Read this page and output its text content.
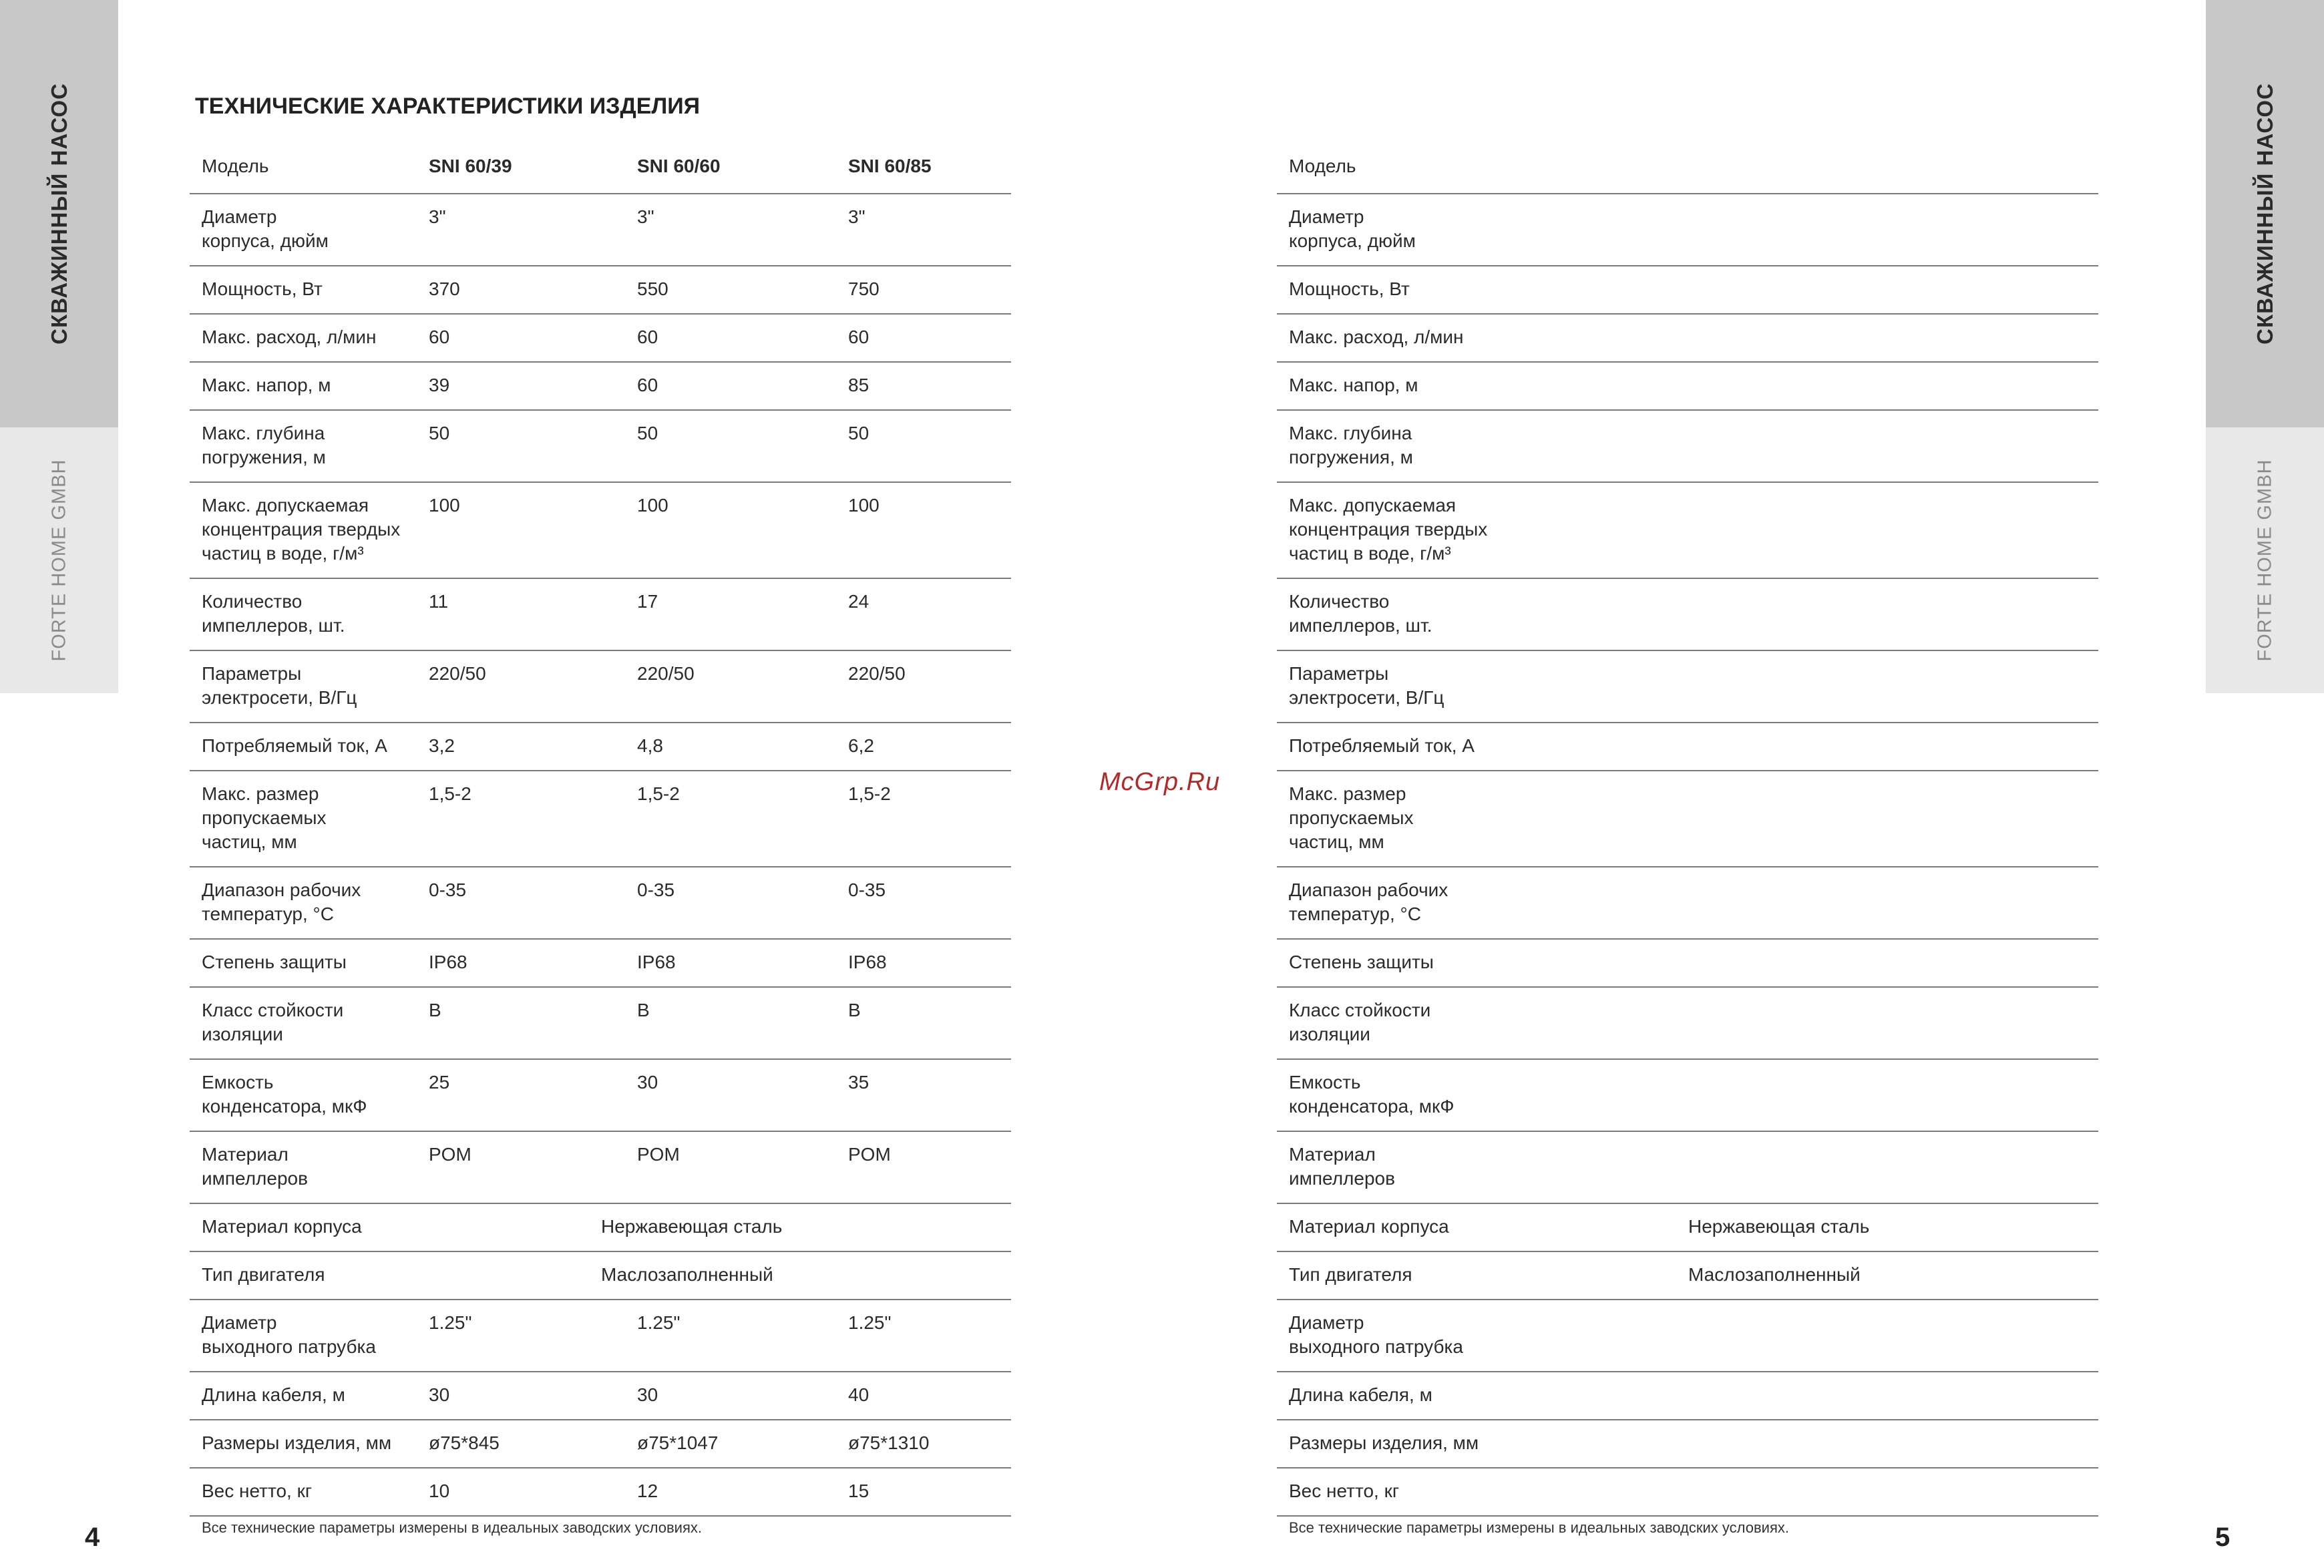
СКВАЖИННЫЙ НАСОС
FORTE HOME GMBH
4
СКВАЖИННЫЙ НАСОС
FORTE HOME GMBH
5
ТЕХНИЧЕСКИЕ ХАРАКТЕРИСТИКИ ИЗДЕЛИЯ
Модель	SNI 60/39	SNI 60/60	SNI 60/85
Диаметр
корпуса, дюйм	3"	3"	3"
Мощность, Вт	370	550	750
Макс. расход, л/мин	60	60	60
Макс. напор, м	39	60	85
Макс. глубина
погружения, м	50	50	50
Макс. допускаемая
концентрация твердых
частиц в воде, г/м³	100	100	100
Количество
импеллеров, шт.	11	17	24
Параметры
электросети, В/Гц	220/50	220/50	220/50
Потребляемый ток, А	3,2	4,8	6,2
Макс. размер
пропускаемых
частиц, мм	1,5-2	1,5-2	1,5-2
Диапазон рабочих
температур, °С	0-35	0-35	0-35
Степень защиты	IP68	IP68	IP68
Класс стойкости
изоляции	B	B	B
Емкость
конденсатора, мкФ	25	30	35
Материал
импеллеров	POM	POM	POM
Материал корпуса	Нержавеющая сталь		
Тип двигателя	Маслозаполненный		
Диаметр
выходного патрубка	1.25"	1.25"	1.25"
Длина кабеля, м	30	30	40
Размеры изделия, мм	ø75*845	ø75*1047	ø75*1310
Вес нетто, кг	10	12	15
Модель			
Диаметр
корпуса, дюйм			
Мощность, Вт			
Макс. расход, л/мин			
Макс. напор, м			
Макс. глубина
погружения, м			
Макс. допускаемая
концентрация твердых
частиц в воде, г/м³			
Количество
импеллеров, шт.			
Параметры
электросети, В/Гц			
Потребляемый ток, А			
Макс. размер
пропускаемых
частиц, мм			
Диапазон рабочих
температур, °С			
Степень защиты			
Класс стойкости
изоляции			
Емкость
конденсатора, мкФ			
Материал
импеллеров			
Материал корпуса	Нержавеющая сталь		
Тип двигателя	Маслозаполненный		
Диаметр
выходного патрубка			
Длина кабеля, м			
Размеры изделия, мм			
Вес нетто, кг			
McGrp.Ru
Все технические параметры измерены в идеальных заводских условиях.	Все технические параметры измерены в идеальных заводских условиях.
